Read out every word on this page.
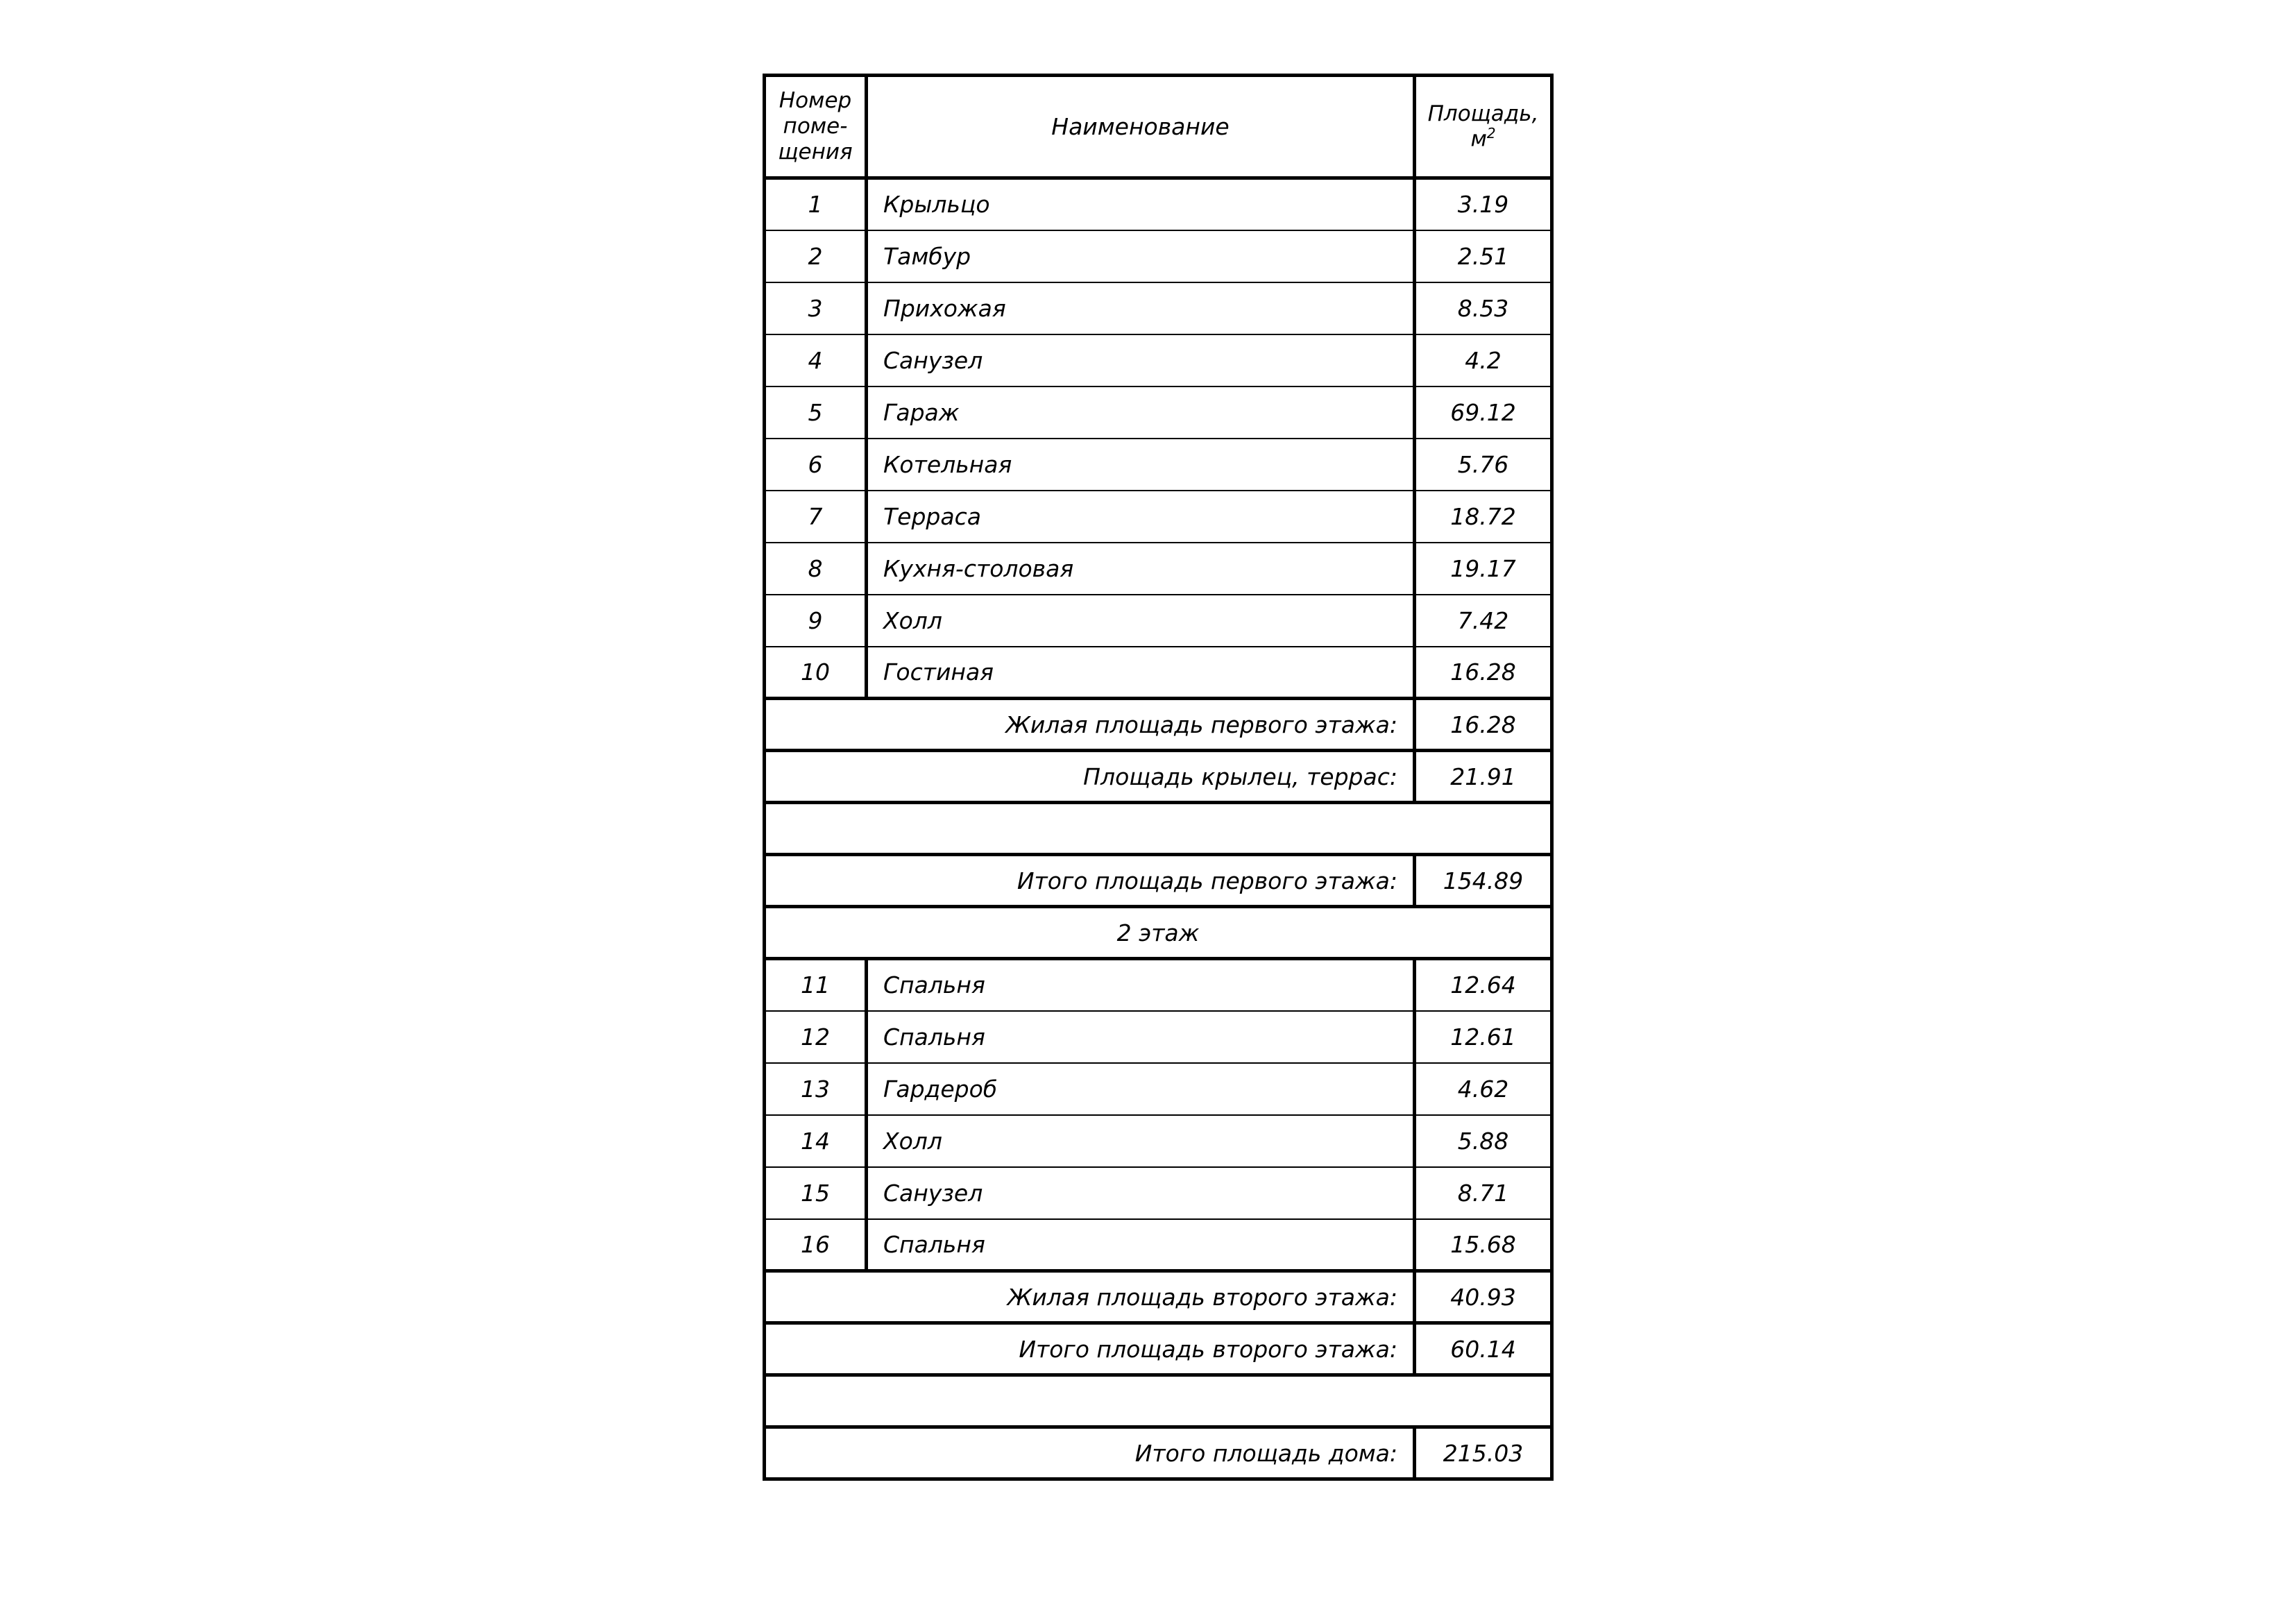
Номер
поме-
щения	Наименование	Площадь,
$м^2$
1	Крыльцо	3.19
2	Тамбур	2.51
3	Прихожая	8.53
4	Санузел	4.2
5	Гараж	69.12
6	Котельная	5.76
7	Терраса	18.72
8	Кухня-столовая	19.17
9	Холл	7.42
10	Гостиная	16.28
Жилая площадь первого этажа:		16.28
Площадь крылец, террас:		21.91

Итого площадь первого этажа:		154.89
2 этаж		
11	Спальня	12.64
12	Спальня	12.61
13	Гардероб	4.62
14	Холл	5.88
15	Санузел	8.71
16	Спальня	15.68
Жилая площадь второго этажа:		40.93
Итого площадь второго этажа:		60.14

Итого площадь дома:		215.03
